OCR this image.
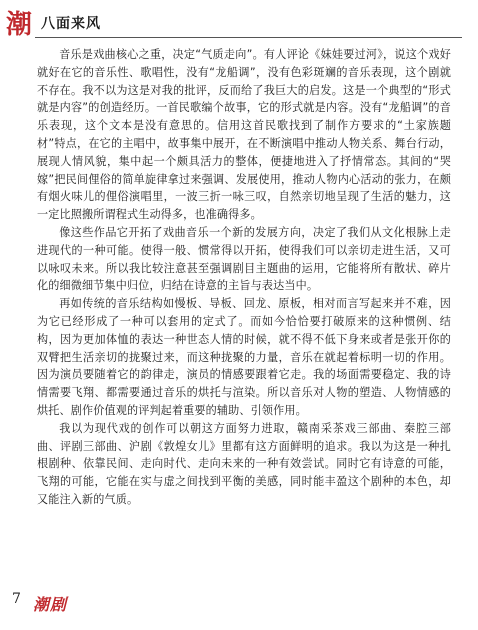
潮 八面来风

音乐是戏曲核心之重，决定“气质走向”。有人评论《妹娃要过河》，说这个戏好就好在它的音乐性、歌唱性，没有“龙船调”，没有色彩斑斓的音乐表现，这个剧就不存在。我不以为这是对我的批评，反而给了我巨大的启发。这是一个典型的“形式就是内容”的创造经历。一首民歌编个故事，它的形式就是内容。没有“龙船调”的音乐表现，这个文本是没有意思的。信用这首民歌找到了制作方要求的“土家族题材”特点，在它的主唱中，故事集中展开，在不断演唱中推动人物关系、舞台行动，展现人情风貌，集中起一个颇具活力的整体，便捷地进入了抒情常态。其间的“哭嫁”把民间俚俗的简单旋律拿过来强调、发展使用，推动人物内心活动的张力，在颇有烟火味儿的俚俗演唱里，一波三折一咏三叹，自然亲切地呈现了生活的魅力，这一定比照搬所谓程式生动得多，也准确得多。

像这些作品它开拓了戏曲音乐一个新的发展方向，决定了我们从文化根脉上走进现代的一种可能。使得一般、惯常得以开拓，使得我们可以亲切走进生活，又可以咏叹未来。所以我比较注意甚至强调剧目主题曲的运用，它能将所有散状、碎片化的细微细节集中归位，归结在诗意的主旨与表达当中。

再如传统的音乐结构如慢板、导板、回龙、原板，相对而言写起来并不难，因为它已经形成了一种可以套用的定式了。而如今恰恰要打破原来的这种惯例、结构，因为更加体恤的表达一种世态人情的时候，就不得不低下身来或者是张开你的双臂把生活亲切的拢聚过来，而这种拢聚的力量，音乐在就起着标明一切的作用。因为演员要随着它的韵律走，演员的情感要跟着它走。我的场面需要稳定、我的诗情需要飞翔、都需要通过音乐的烘托与渲染。所以音乐对人物的塑造、人物情感的烘托、剧作价值观的评判起着重要的辅助、引领作用。

我以为现代戏的创作可以朝这方面努力进取，赣南采茶戏三部曲、秦腔三部曲、评剧三部曲、沪剧《敦煌女儿》里都有这方面鲜明的追求。我以为这是一种扎根剧种、依靠民间、走向时代、走向未来的一种有效尝试。同时它有诗意的可能，飞翔的可能，它能在实与虚之间找到平衡的美感，同时能丰盈这个剧种的本色，却又能注入新的气质。

7 潮剧
